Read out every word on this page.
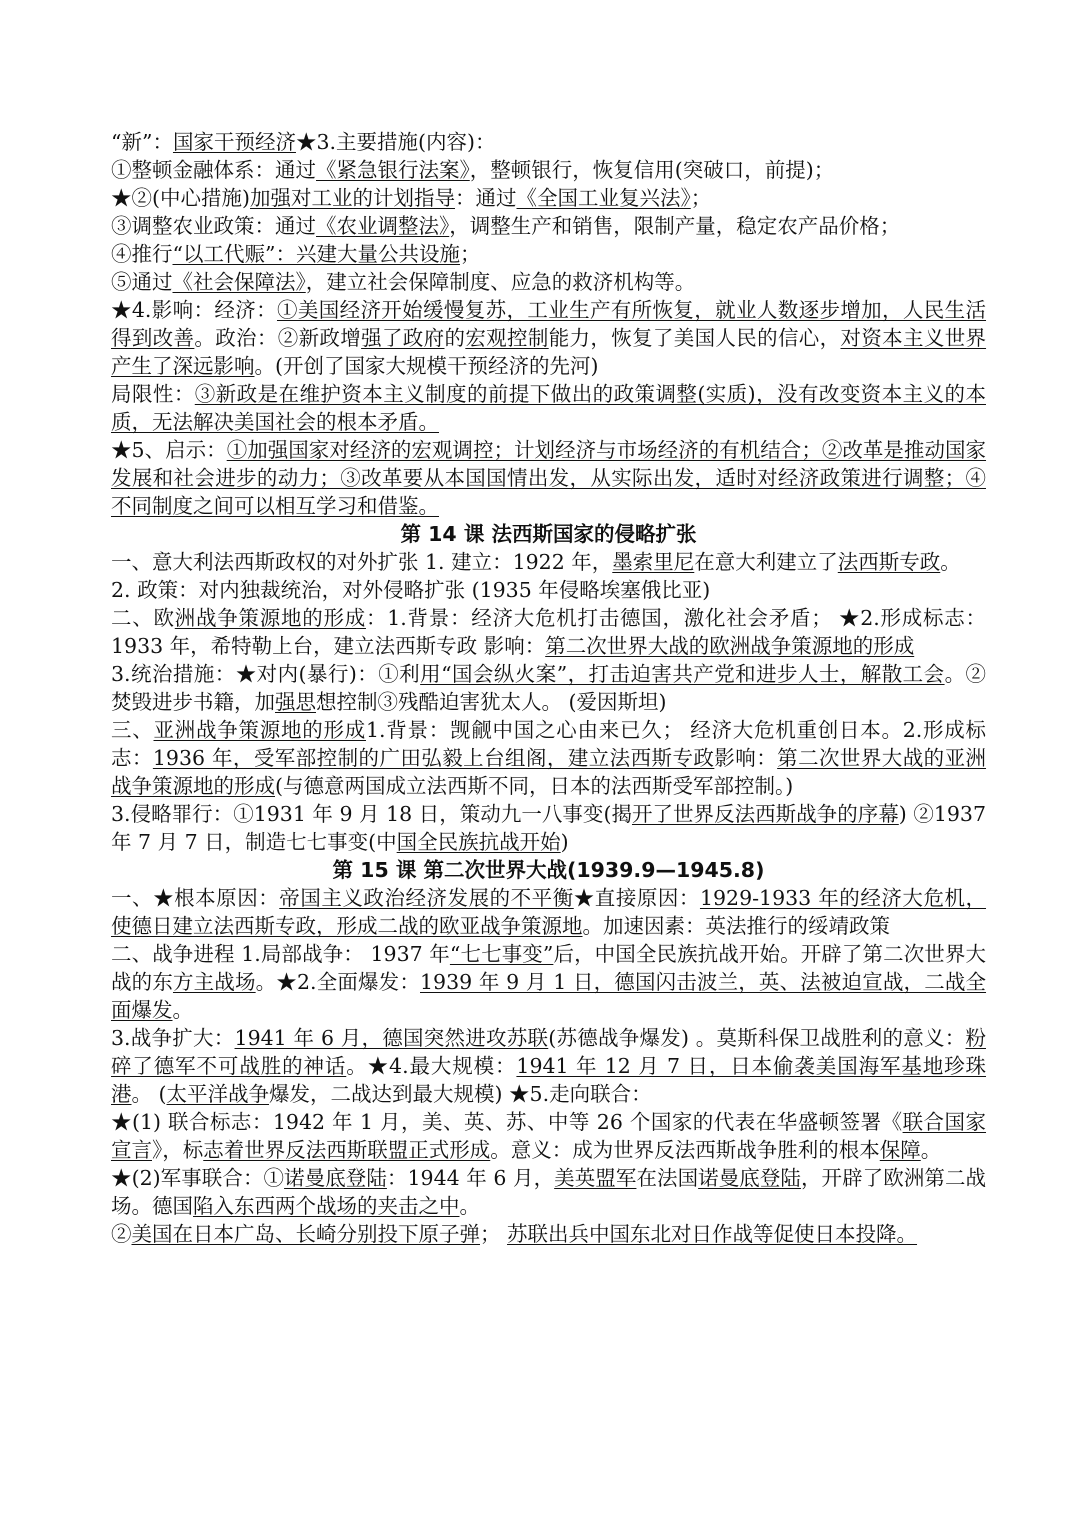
“新”：国家干预经济★3.主要措施(内容)：

①整顿金融体系：通过《紧急银行法案》，整顿银行，恢复信用(突破口，前提)；

★②(中心措施)加强对工业的计划指导：通过《全国工业复兴法》；

③调整农业政策：通过《农业调整法》，调整生产和销售，限制产量，稳定农产品价格；

④推行“以工代赈”：兴建大量公共设施；

⑤通过《社会保障法》，建立社会保障制度、应急的救济机构等。

★4.影响：经济：①美国经济开始缓慢复苏，工业生产有所恢复，就业人数逐步增加，人民生活得到改善。政治：②新政增强了政府的宏观控制能力，恢复了美国人民的信心，对资本主义世界产生了深远影响。(开创了国家大规模干预经济的先河)

局限性：③新政是在维护资本主义制度的前提下做出的政策调整(实质)，没有改变资本主义的本质，无法解决美国社会的根本矛盾。

★5、启示：①加强国家对经济的宏观调控；计划经济与市场经济的有机结合；②改革是推动国家发展和社会进步的动力；③改革要从本国国情出发，从实际出发，适时对经济政策进行调整；④不同制度之间可以相互学习和借鉴。

第 14 课 法西斯国家的侵略扩张

一、意大利法西斯政权的对外扩张 1. 建立：1922 年，墨索里尼在意大利建立了法西斯专政。

2. 政策：对内独裁统治，对外侵略扩张 (1935 年侵略埃塞俄比亚)

二、欧洲战争策源地的形成：1.背景：经济大危机打击德国，激化社会矛盾； ★2.形成标志：1933 年，希特勒上台，建立法西斯专政 影响：第二次世界大战的欧洲战争策源地的形成

3.统治措施：★对内(暴行)：①利用“国会纵火案”，打击迫害共产党和进步人士，解散工会。②焚毁进步书籍，加强思想控制③残酷迫害犹太人。 (爱因斯坦)

三、亚洲战争策源地的形成1.背景：觊觎中国之心由来已久； 经济大危机重创日本。2.形成标志：1936 年，受军部控制的广田弘毅上台组阁，建立法西斯专政影响：第二次世界大战的亚洲战争策源地的形成(与德意两国成立法西斯不同，日本的法西斯受军部控制。)

3.侵略罪行：①1931 年 9 月 18 日，策动九一八事变(揭开了世界反法西斯战争的序幕) ②1937 年 7 月 7 日，制造七七事变(中国全民族抗战开始)

第 15 课 第二次世界大战(1939.9—1945.8)

一、★根本原因：帝国主义政治经济发展的不平衡★直接原因：1929-1933 年的经济大危机，使德日建立法西斯专政，形成二战的欧亚战争策源地。加速因素：英法推行的绥靖政策

二、战争进程 1.局部战争： 1937 年“七七事变”后，中国全民族抗战开始。开辟了第二次世界大战的东方主战场。★2.全面爆发：1939 年 9 月 1 日，德国闪击波兰，英、法被迫宣战，二战全面爆发。

3.战争扩大：1941 年 6 月，德国突然进攻苏联(苏德战争爆发) 。莫斯科保卫战胜利的意义：粉碎了德军不可战胜的神话。★4.最大规模：1941 年 12 月 7 日，日本偷袭美国海军基地珍珠港。 (太平洋战争爆发，二战达到最大规模) ★5.走向联合：

★(1) 联合标志：1942 年 1 月，美、英、苏、中等 26 个国家的代表在华盛顿签署《联合国家宣言》，标志着世界反法西斯联盟正式形成。意义：成为世界反法西斯战争胜利的根本保障。

★(2)军事联合：①诺曼底登陆：1944 年 6 月，美英盟军在法国诺曼底登陆，开辟了欧洲第二战场。德国陷入东西两个战场的夹击之中。

②美国在日本广岛、长崎分别投下原子弹； 苏联出兵中国东北对日作战等促使日本投降。
